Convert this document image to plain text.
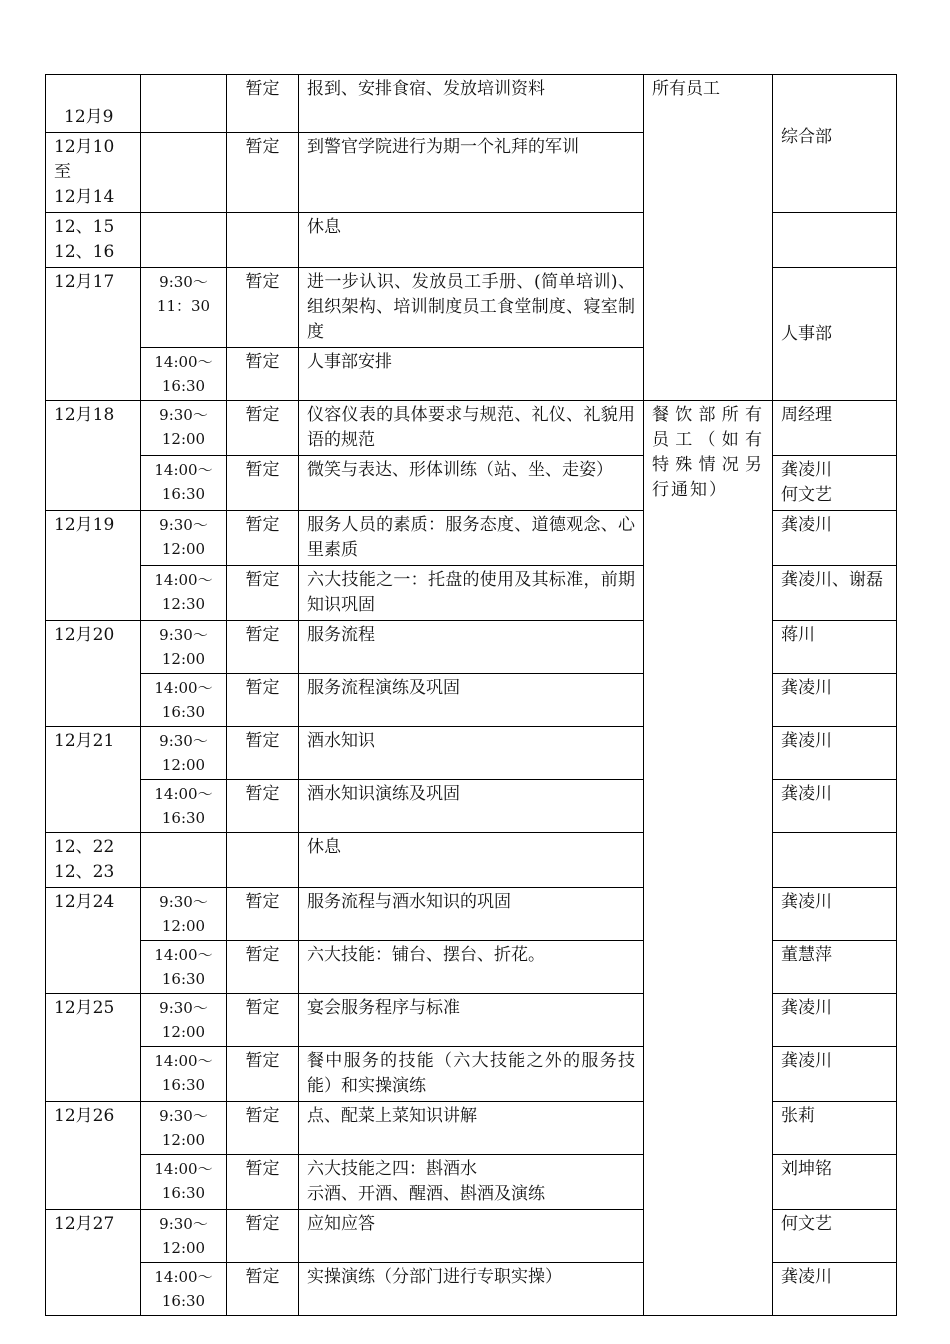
12月9		暂定	报到、安排食宿、发放培训资料	所有员工	综合部

12月10
至
12月14		暂定	到警官学院进行为期一个礼拜的军训		

12、15
12、16			休息		

12月17	9:30～
11：30	暂定	进一步认识、发放员工手册、(简单培训)、组织架构、培训制度员工食堂制度、寝室制度		人事部

	14:00～
16:30	暂定	人事部安排		

12月18	9:30～
12:00	暂定	仪容仪表的具体要求与规范、礼仪、礼貌用语的规范	餐饮部所有员工（如有特殊情况另行通知）	周经理

	14:00～
16:30	暂定	微笑与表达、形体训练（站、坐、走姿）		龚凌川
何文艺

12月19	9:30～
12:00	暂定	服务人员的素质：服务态度、道德观念、心里素质		龚凌川

	14:00～
12:30	暂定	六大技能之一：托盘的使用及其标准，前期 知识巩固		龚凌川、谢磊

12月20	9:30～
12:00	暂定	服务流程		蒋川

	14:00～
16:30	暂定	服务流程演练及巩固		龚凌川

12月21	9:30～
12:00	暂定	酒水知识		龚凌川

	14:00～
16:30	暂定	酒水知识演练及巩固		龚凌川

12、22
12、23			休息		

12月24	9:30～
12:00	暂定	服务流程与酒水知识的巩固		龚凌川

	14:00～
16:30	暂定	六大技能：铺台、摆台、折花。		董慧萍

12月25	9:30～
12:00	暂定	宴会服务程序与标准		龚凌川

	14:00～
16:30	暂定	餐中服务的技能（六大技能之外的服务技能）和实操演练		龚凌川

12月26	9:30～
12:00	暂定	点、配菜上菜知识讲解		张莉

	14:00～
16:30	暂定	六大技能之四：斟酒水
示酒、开酒、醒酒、斟酒及演练		刘坤铭

12月27	9:30～
12:00	暂定	应知应答		何文艺

	14:00～
16:30	暂定	实操演练（分部门进行专职实操）		龚凌川
